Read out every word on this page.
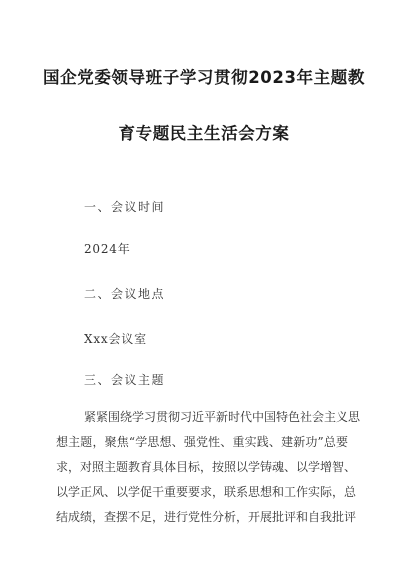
国企党委领导班子学习贯彻2023年主题教
育专题民主生活会方案
一、会议时间
2024年
二、会议地点
Xxx会议室
三、会议主题
紧紧围绕学习贯彻习近平新时代中国特色社会主义思
想主题，聚焦“学思想、强党性、重实践、建新功”总要
求，对照主题教育具体目标，按照以学铸魂、以学增智、
以学正风、以学促干重要要求，联系思想和工作实际，总
结成绩，查摆不足，进行党性分析，开展批评和自我批评
